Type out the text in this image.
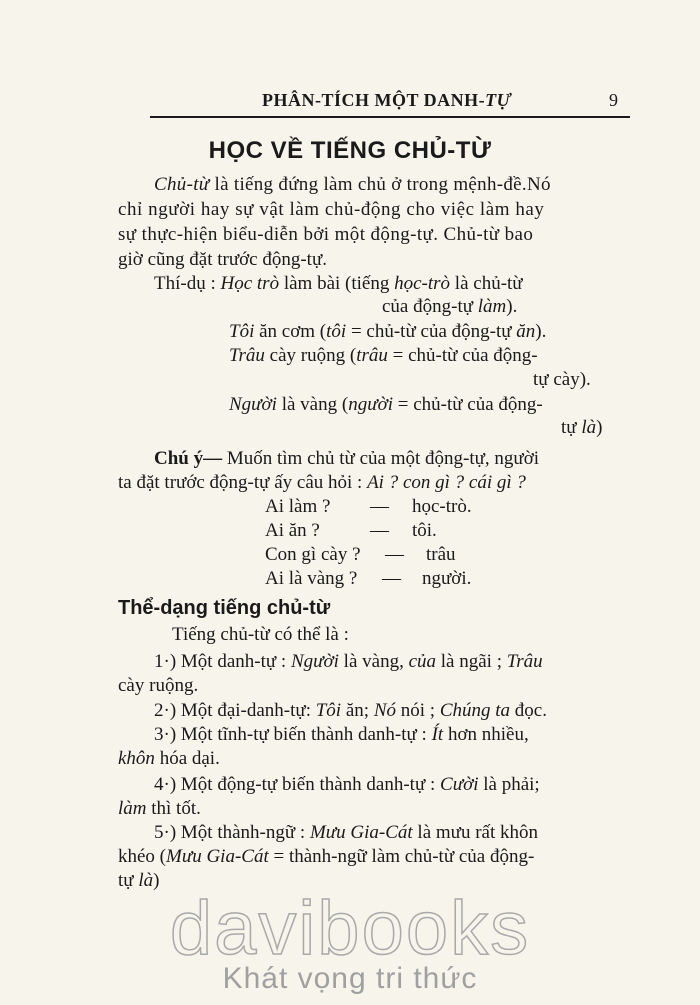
PHÂN-TÍCH MỘT DANH-TỰ	9
HỌC VỀ TIẾNG CHỦ-TỪ
Chủ-từ là tiếng đứng làm chủ ở trong mệnh-đề.Nó
chỉ người hay sự vật làm chủ-động cho việc làm hay
sự thực-hiện biểu-diễn bởi một động-tự. Chủ-từ bao
giờ cũng đặt trước động-tự.
Thí-dụ : Học trò làm bài (tiếng học-trò là chủ-từ
của động-tự làm).
Tôi ăn cơm (tôi = chủ-từ của động-tự ăn).
Trâu cày ruộng (trâu = chủ-từ của động-
tự cày).
Người là vàng (người = chủ-từ của động-
tự là)
Chú ý— Muốn tìm chủ từ của một động-tự, người
ta đặt trước động-tự ấy câu hỏi : Ai ? con gì ? cái gì ?
Ai làm ? — học-trò.
Ai ăn ?	— tôi.
Con gì cày ? — trâu
Ai là vàng ? — người.
Thể-dạng tiếng chủ-từ
Tiếng chủ-từ có thể là :
1·) Một danh-tự : Người là vàng, của là ngãi ; Trâu
cày ruộng.
2·) Một đại-danh-tự: Tôi ăn; Nó nói ; Chúng ta đọc.
3·) Một tĩnh-tự biến thành danh-tự : Ít hơn nhiều,
khôn hóa dại.
4·) Một động-tự biến thành danh-tự : Cười là phải;
làm thì tốt.
5·) Một thành-ngữ : Mưu Gia-Cát là mưu rất khôn
khéo (Mưu Gia-Cát = thành-ngữ làm chủ-từ của động-
tự là)
davibooks
Khát vọng tri thức
